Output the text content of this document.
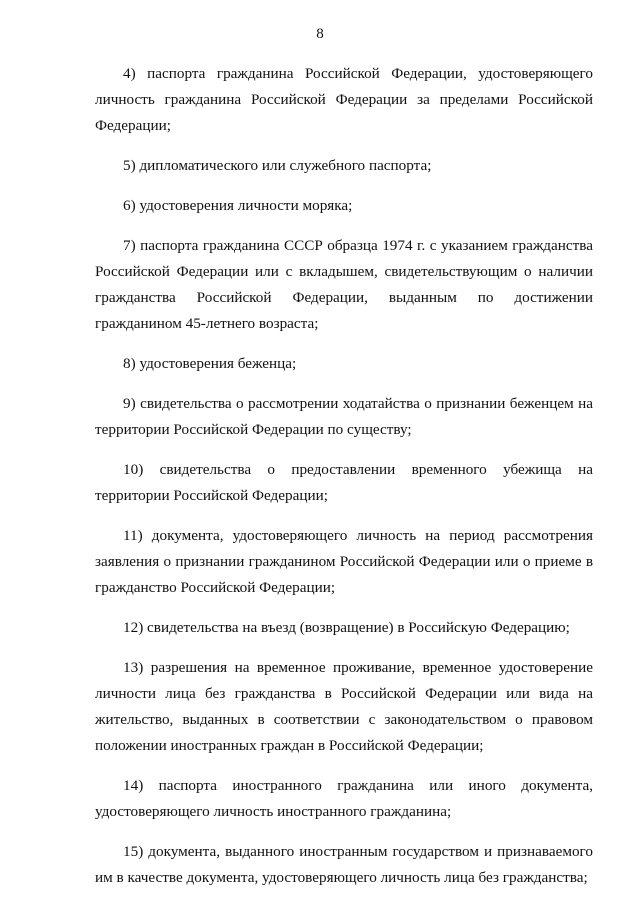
8

4) паспорта гражданина Российской Федерации, удостоверяющего личность гражданина Российской Федерации за пределами Российской Федерации;

5) дипломатического или служебного паспорта;

6) удостоверения личности моряка;

7) паспорта гражданина СССР образца 1974 г. с указанием гражданства Российской Федерации или с вкладышем, свидетельствующим о наличии гражданства Российской Федерации, выданным по достижении гражданином 45-летнего возраста;

8) удостоверения беженца;

9) свидетельства о рассмотрении ходатайства о признании беженцем на территории Российской Федерации по существу;

10) свидетельства о предоставлении временного убежища на территории Российской Федерации;

11) документа, удостоверяющего личность на период рассмотрения заявления о признании гражданином Российской Федерации или о приеме в гражданство Российской Федерации;

12) свидетельства на въезд (возвращение) в Российскую Федерацию;

13) разрешения на временное проживание, временное удостоверение личности лица без гражданства в Российской Федерации или вида на жительство, выданных в соответствии с законодательством о правовом положении иностранных граждан в Российской Федерации;

14) паспорта иностранного гражданина или иного документа, удостоверяющего личность иностранного гражданина;

15) документа, выданного иностранным государством и признаваемого им в качестве документа, удостоверяющего личность лица без гражданства;
